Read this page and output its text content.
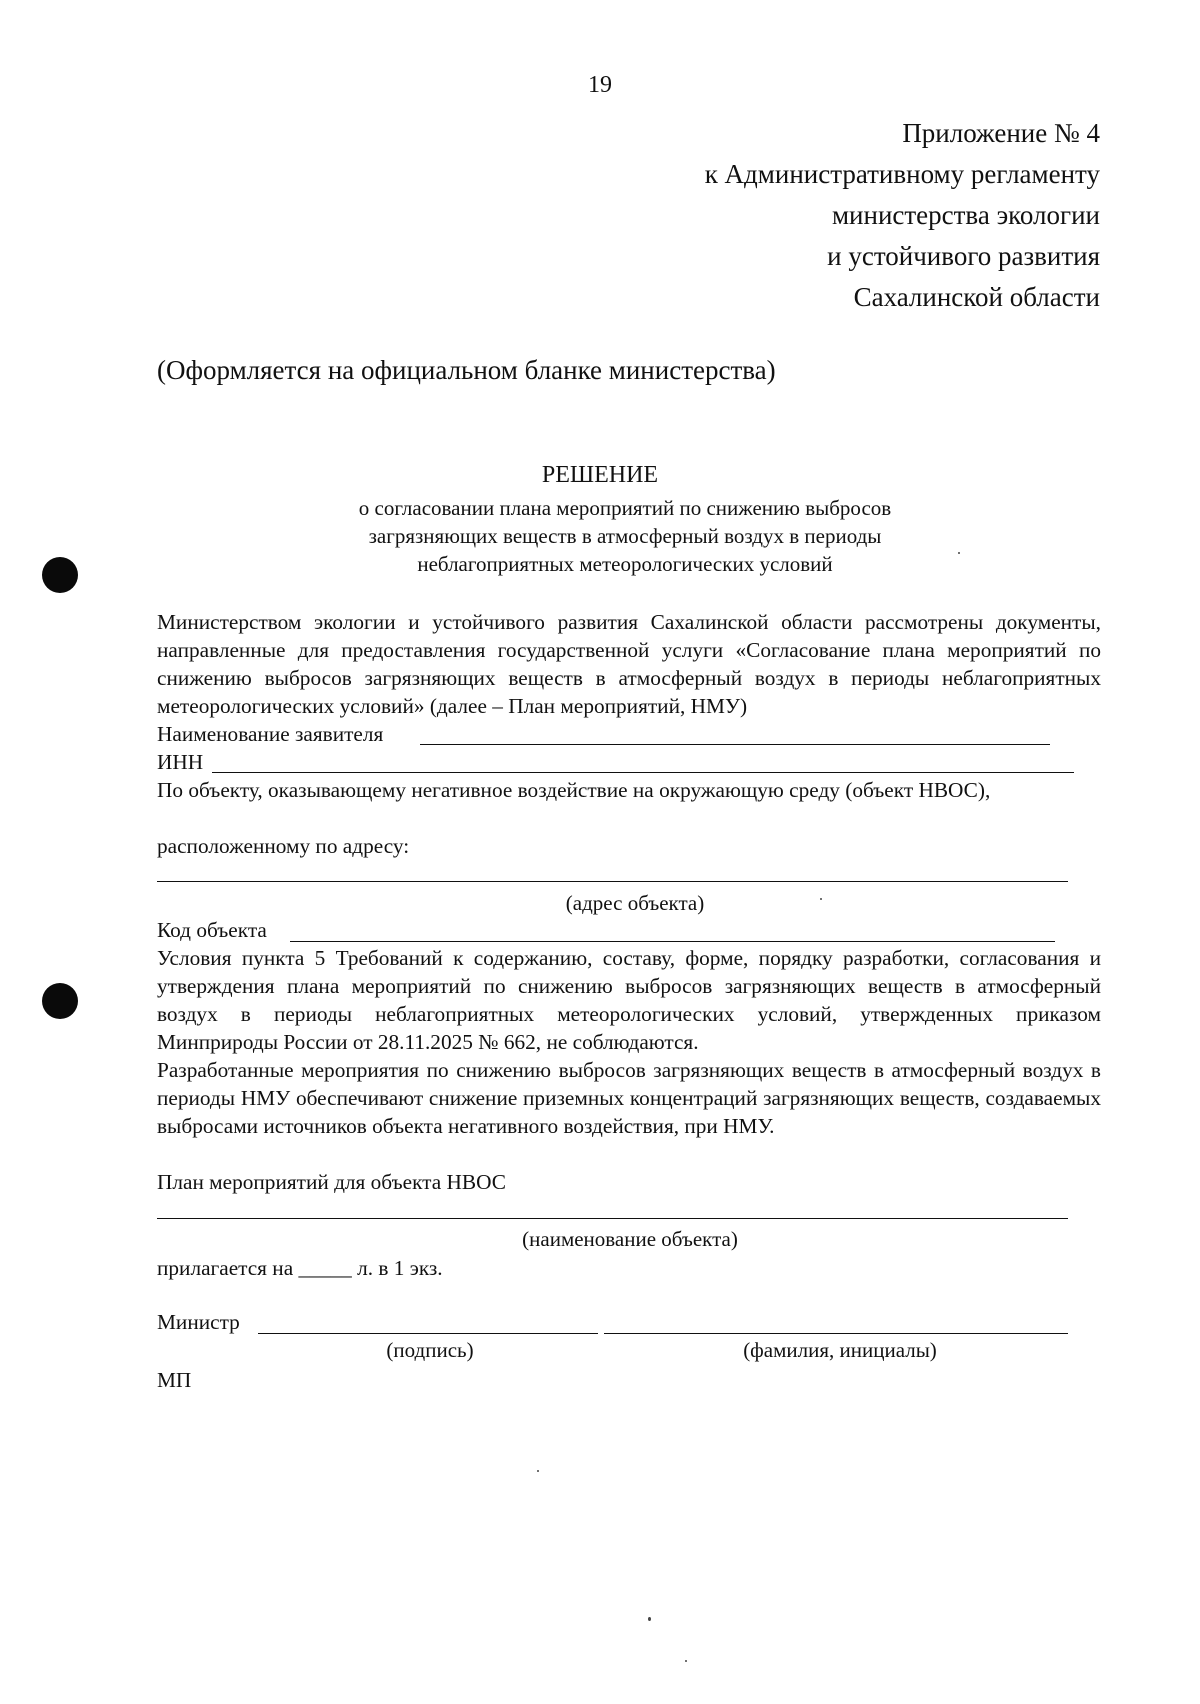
19
Приложение № 4
к Административному регламенту
министерства экологии
и устойчивого развития
Сахалинской области
(Оформляется на официальном бланке министерства)
РЕШЕНИЕ
о согласовании плана мероприятий по снижению выбросов
загрязняющих веществ в атмосферный воздух в периоды
неблагоприятных метеорологических условий

Министерством экологии и устойчивого развития Сахалинской области рассмотрены документы, направленные для предоставления государственной услуги «Согласование плана мероприятий по снижению выбросов загрязняющих веществ в атмосферный воздух в периоды неблагоприятных метеорологических условий» (далее – План мероприятий, НМУ)

Наименование заявителя
ИНН

По объекту, оказывающему негативное воздействие на окружающую среду (объект НВОС),

расположенному по адресу:
(адрес объекта)
Код объекта

Условия пункта 5 Требований к содержанию, составу, форме, порядку разработки, согласования и утверждения плана мероприятий по снижению выбросов загрязняющих веществ в атмосферный воздух в периоды неблагоприятных метеорологических условий, утвержденных приказом Минприроды России от 28.11.2025 № 662, не соблюдаются.

Разработанные мероприятия по снижению выбросов загрязняющих веществ в атмосферный воздух в периоды НМУ обеспечивают снижение приземных концентраций загрязняющих веществ, создаваемых выбросами источников объекта негативного воздействия, при НМУ.

План мероприятий для объекта НВОС
(наименование объекта)
прилагается на _____ л. в 1 экз.
Министр
(подпись)	(фамилия, инициалы)
МП
